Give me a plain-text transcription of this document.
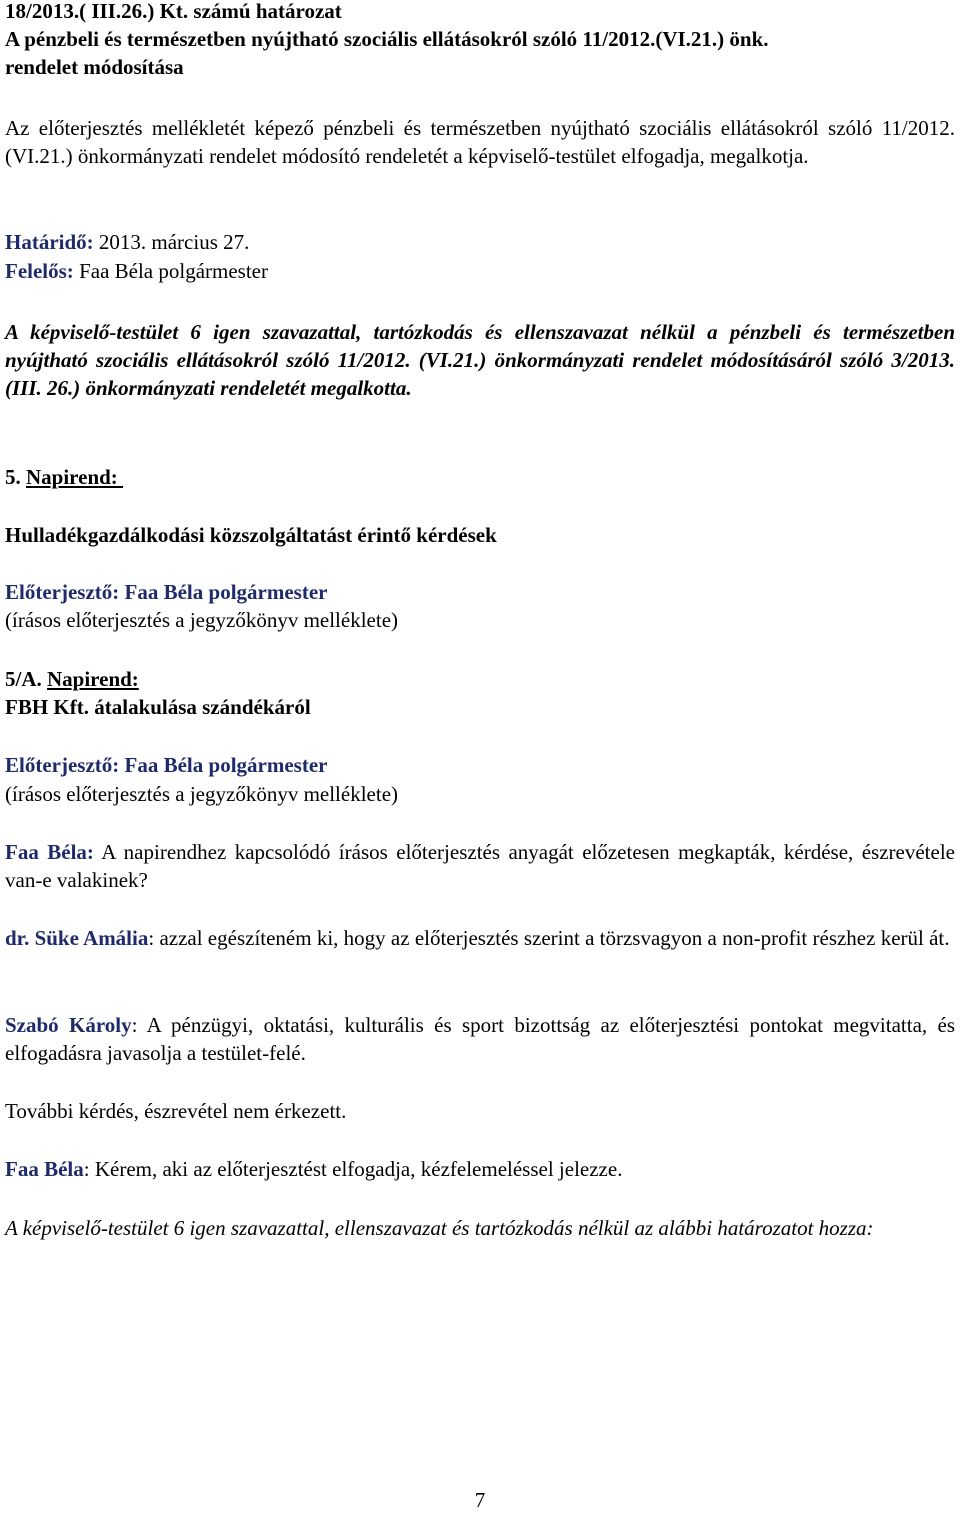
18/2013.( III.26.) Kt. számú határozat
A pénzbeli és természetben nyújtható szociális ellátásokról szóló 11/2012.(VI.21.) önk.
rendelet módosítása
Az előterjesztés mellékletét képező pénzbeli és természetben nyújtható szociális ellátásokról szóló 11/2012. (VI.21.) önkormányzati rendelet módosító rendeletét a képviselő-testület elfogadja, megalkotja.
Határidő: 2013. március 27.
Felelős: Faa Béla polgármester
A képviselő-testület 6 igen szavazattal, tartózkodás és ellenszavazat nélkül a pénzbeli és természetben nyújtható szociális ellátásokról szóló 11/2012. (VI.21.) önkormányzati rendelet módosításáról szóló 3/2013. (III. 26.) önkormányzati rendeletét megalkotta.
5. Napirend:
Hulladékgazdálkodási közszolgáltatást érintő kérdések
Előterjesztő: Faa Béla polgármester
(írásos előterjesztés a jegyzőkönyv melléklete)
5/A. Napirend:
FBH Kft. átalakulása szándékáról
Előterjesztő: Faa Béla polgármester
(írásos előterjesztés a jegyzőkönyv melléklete)
Faa Béla: A napirendhez kapcsolódó írásos előterjesztés anyagát előzetesen megkapták, kérdése, észrevétele van-e valakinek?
dr. Süke Amália: azzal egészíteném ki, hogy az előterjesztés szerint a törzsvagyon a non-profit részhez kerül át.
Szabó Károly: A pénzügyi, oktatási, kulturális és sport bizottság az előterjesztési pontokat megvitatta, és elfogadásra javasolja a testület-felé.
További kérdés, észrevétel nem érkezett.
Faa Béla: Kérem, aki az előterjesztést elfogadja, kézfelemeléssel jelezze.
A képviselő-testület 6 igen szavazattal, ellenszavazat és tartózkodás nélkül az alábbi határozatot hozza:
7
